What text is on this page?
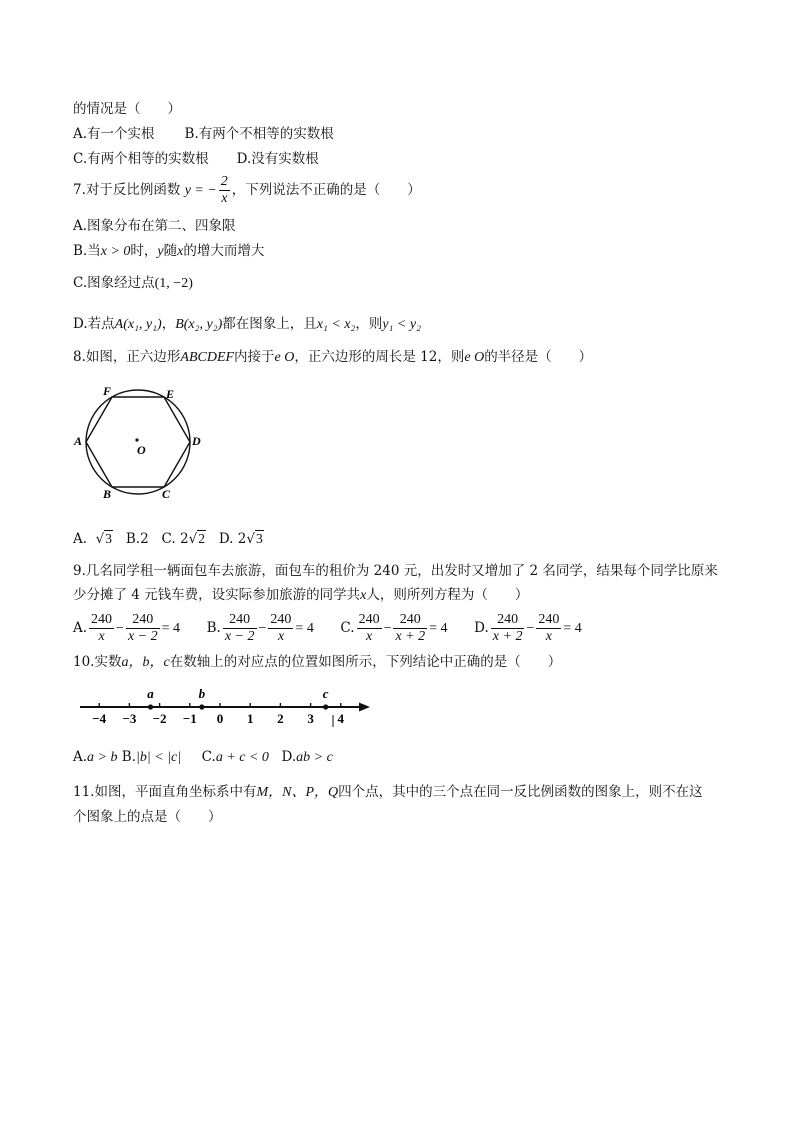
的情况是（　　）
A.有一个实根 B.有两个不相等的实数根
C.有两个相等的实数根 D.没有实数根
7.对于反比例函数 y = − $\frac{2}{x}$ ，下列说法不正确的是（　　）
A.图象分布在第二、四象限
B.当x > 0时，y随x的增大而增大
C.图象经过点(1, −2)
D.若点A(x₁, y₁)，B(x₂, y₂)都在图象上，且x₁ < x₂，则y₁ < y₂
8.如图，正六边形ABCDEF内接于e O，正六边形的周长是 12，则e O的半径是（　　）
F	E
A	D
B	C
O
A.  √3 B.2 C. 2√2 D. 2√3
9.几名同学租一辆面包车去旅游，面包车的租价为 240 元，出发时又增加了 2 名同学，结果每个同学比原来
少分摊了 4 元钱车费，设实际参加旅游的同学共x人，则所列方程为（　　）
A. $\frac{240}{x} - \frac{240}{x - 2} = 4$ B. $\frac{240}{x - 2} - \frac{240}{x} = 4$ C. $\frac{240}{x} - \frac{240}{x + 2} = 4$ D. $\frac{240}{x + 2} - \frac{240}{x} = 4$
10.实数a，b，c在数轴上的对应点的位置如图所示，下列结论中正确的是（　　）
−4 −3 −2 −1 0 1 2 3 4
a	b	c
A.a > b B.|b| < |c| C.a + c < 0 D.ab > c
11.如图，平面直角坐标系中有M，N、P，Q四个点，其中的三个点在同一反比例函数的图象上，则不在这
个图象上的点是（　　）
